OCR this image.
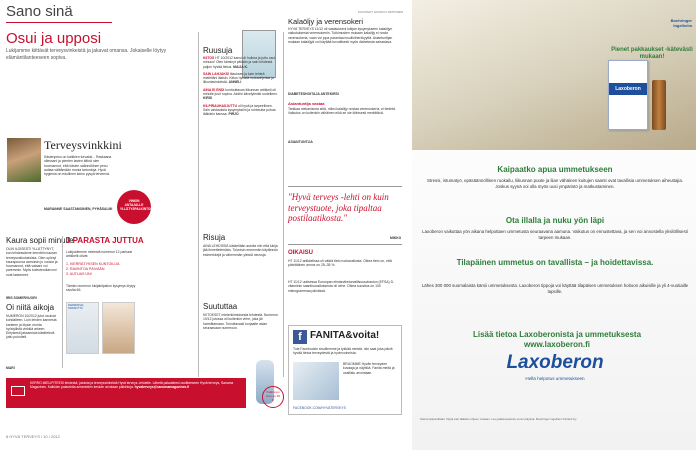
Sano sinä
Osui ja upposi
Lukijamme kiittävät terveysvinkeistä ja jakavat omansa. Jokaiselle löytyy elämäntilanteeseen sopiva.
Terveysvinkkini
Käsienpesu on kaikkien turvaksi... Raskaana ollessani ja pienten lasten äitinä olen huomannut, että käsien säännöllinen pesu auttaa välttämään monia tartuntoja. Hyvä hygienia on edullinen keino pysyä terveenä.
MARIANNE SAASTAMOINEN, PYHÄSALMI
VINKIN ANTAJALLE YLLÄTYSPALKINTO!
Kaura sopii minulle
OLIN ILOISESTI YLLÄTTYNYT, kun lehdessänne kerrottiin kauran terveysvaikutuksista. Olen syönyt kaurapuuroa aamuisin jo vuosia ja huomannut, että vatsani voi paremmin. Myös kolesteroliarvoni ovat laskeneet.
IRIS SOMERVUORI
Oi niitä aikoja
NUMERON 10/2012 jutut osuivat kohdalleen. Luin lehden kannesta kanteen ja löysin monta hyödyllistä vinkkiä arkeen. Erityisesti jaksamista käsittelevä juttu puhutteli.
MARI
3 PARASTA JUTTUA
Lukijoidemme mielestä numeron 12 parhaat artikkelit olivat:
1. KIERRÄTYKSEN KUNTOILIJA
2. RAVINTOA PÄIVÄÄN
3. AUTUAS UNI
Tämän numeron lukijakilpailun kysymys löytyy sivulta 66.
KIERROKSIA, TERVEYTTÄ
Ruusuja
KIITOS HT 10/2012 kansi oli huikea ja juttu osui minuun! Olen kärsinyt pitkään ja sain lehdestä paljon hyvää tietoa. MAIJA K.
SAIN LAHJAKSI tilauksen ja luen lehteä mielelläni iltaisin. Kiitos hyvistä ruokaohjeista ja liikuntavinkeistä. ANNELI
AINA EI ENDI kuntouttavan liikunnan artikkeli oli minulle juuri sopiva. Aloitin kävelylenkit uudelleen. KIRSI
KILPIRAUHASJUTTU oli hyvä ja tarpeellinen. Sain vastauksia kysymyksiini ja rohkeutta puhua lääkärin kanssa. PIRJO
Risuja
AINA LEHDISSÄ käsitellään asioita niin että lukija jää ihmettelemään. Toivoisin enemmän käytännön esimerkkejä ja vähemmän yleisiä neuvoja.
Suututtaa
KIITOKSET mielenkiintoisesta lehdestä. Numeron 10/12 jutussa oli kuitenkin virhe, joka jäi harmittamaan. Toivottavasti korjaatte asian seuraavaan numeroon.
Palkinnon arvo on 45 €
KOONNUT HUOKKO SIPPONEN
Kalaöljy ja verensokeri
HYVÄ TERVEYS 11/12 oli vastaukseni lukijan kysymykseen kalaöljyn vaikutuksesta verensokeriin. Tutkimusten mukaan kalaöljy ei nosta verensokeria, vaan voi jopa parantaa insuliiniherkkyyttä. Asiantuntijan mukaan kalaöljyä voi käyttää turvallisesti myös diabetesta sairastava.
DIABETESHOITAJA ANTEKIRSI
Asiantuntija vastaa
Tarkkaa mekanismia siitä, miksi kalaöljy nostaa verensokeria, ei tiedetä. Vaikutus on kuitenkin vähäinen eikä se ole kliinisesti merkittävä.
ASIANTUNTIJA
"Hyvä terveys -lehti on kuin terveystuote, joka tipaltaa postilaatikosta."
MIKKO
OIKAISU
HT 11/12 artikkelissa oli väärä tieto ruokavaliosta. Oikea tieto on, että päivittäinen annos on 25–35 %.
HT 11/12 uutisessa Euroopan elintarviketurvallisuusviraston (EFSA) D-vitamiinin saantisuosituksesta oli virhe. Oikea suositus on 100 mikrogrammaa päivässä.
f FANITA&voita!
Tule Facebookin sivuillemme ja tykkää meistä, niin saat joka päivä hyvää tietoa terveydestä ja hyvinvoinnista.
BRUOMME Hyvän terveyden kuvaaja ja näyttöä. Fanita meitä ja osallistu arvontaan.
FACEBOOK.COM/HYVATERVEYS
KERRO MIELIPITEESI lehdestä, jutuista ja terveysvinkeistä Hyvä terveys -lehdelle. Lähetä palautteesi osoitteeseen Hyvä terveys, Sanoma Magazines. Kaikkien palautetta antaneiden kesken arvotaan palkintoja. hyvaterveys@sanomamagazines.fi
8 HYVÄ TERVEYS / 10 / 2012
Laxoberon
Boehringer Ingelheim
Pienet pakkaukset -kätevästi mukaan!
Kaipaatko apua ummetukseen
Stressi, istumatyö, epäsäännöllinen ruokailu, liikunnan puute ja liian vähäinen kuitujen saanti ovat tavallisia ummetuksen aiheuttajia. Joskus syynä voi olla myös uusi ympäristö ja matkustaminen.
Ota illalla ja nuku yön läpi
Laxoberon vaikuttaa yön aikana helpottaen ummetusta seuraavana aamuna. Vaikutus on ennustettava, ja sen voi annostella yksilöllisesti tarpeen mukaan.
Tilapäinen ummetus on tavallista – ja hoidettavissa.
Lähes 300 000 suomalaista kärsii ummetuksesta. Laxoberon tippoja voi käyttää tilapäisen ummetuksen hoitoon aikuisille ja yli 4-vuotiaille lapsille.
Lisää tietoa Laxoberonista ja ummetuksesta www.laxoberon.fi
Laxoberon
Hellä helpotus ummetukseen
Natriumpikosulfaatti. Käytä vain lääkärin ohjeen mukaan. Lue pakkausseloste ennen käyttöä. Boehringer Ingelheim Finland Ky.
